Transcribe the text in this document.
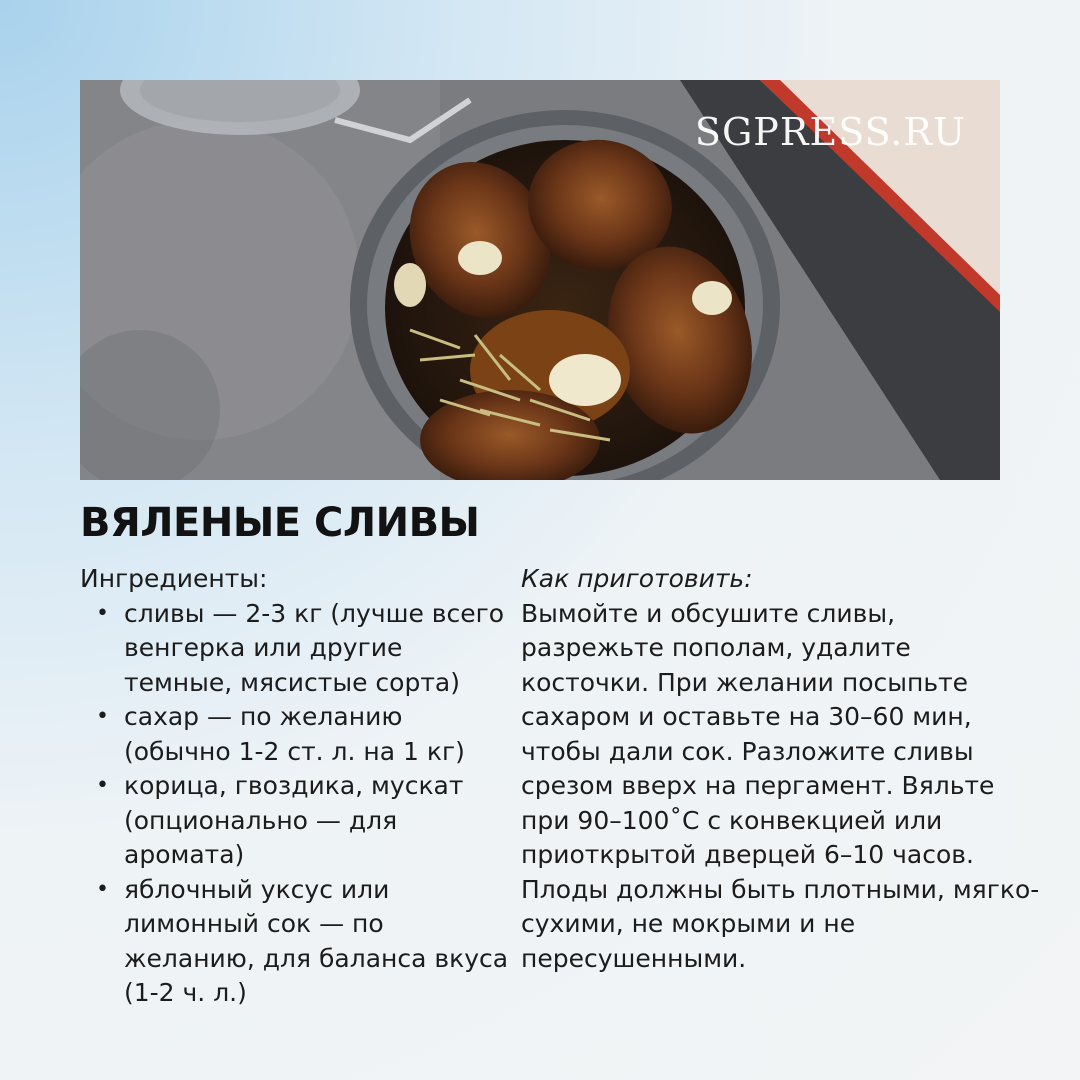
SGPRESS.RU
ВЯЛЕНЫЕ СЛИВЫ
Ингредиенты:
• сливы — 2-3 кг (лучше всего венгерка или другие темные, мясистые сорта)
• сахар — по желанию (обычно 1-2 ст. л. на 1 кг)
• корица, гвоздика, мускат (опционально — для аромата)
• яблочный уксус или лимонный сок — по желанию, для баланса вкуса (1-2 ч. л.)
Как приготовить:
Вымойте и обсушите сливы, разрежьте пополам, удалите косточки. При желании посыпьте сахаром и оставьте на 30–60 мин, чтобы дали сок. Разложите сливы срезом вверх на пергамент. Вяльте при 90–100˚С с конвекцией или приоткрытой дверцей 6–10 часов. Плоды должны быть плотными, мягко-сухими, не мокрыми и не пересушенными.
